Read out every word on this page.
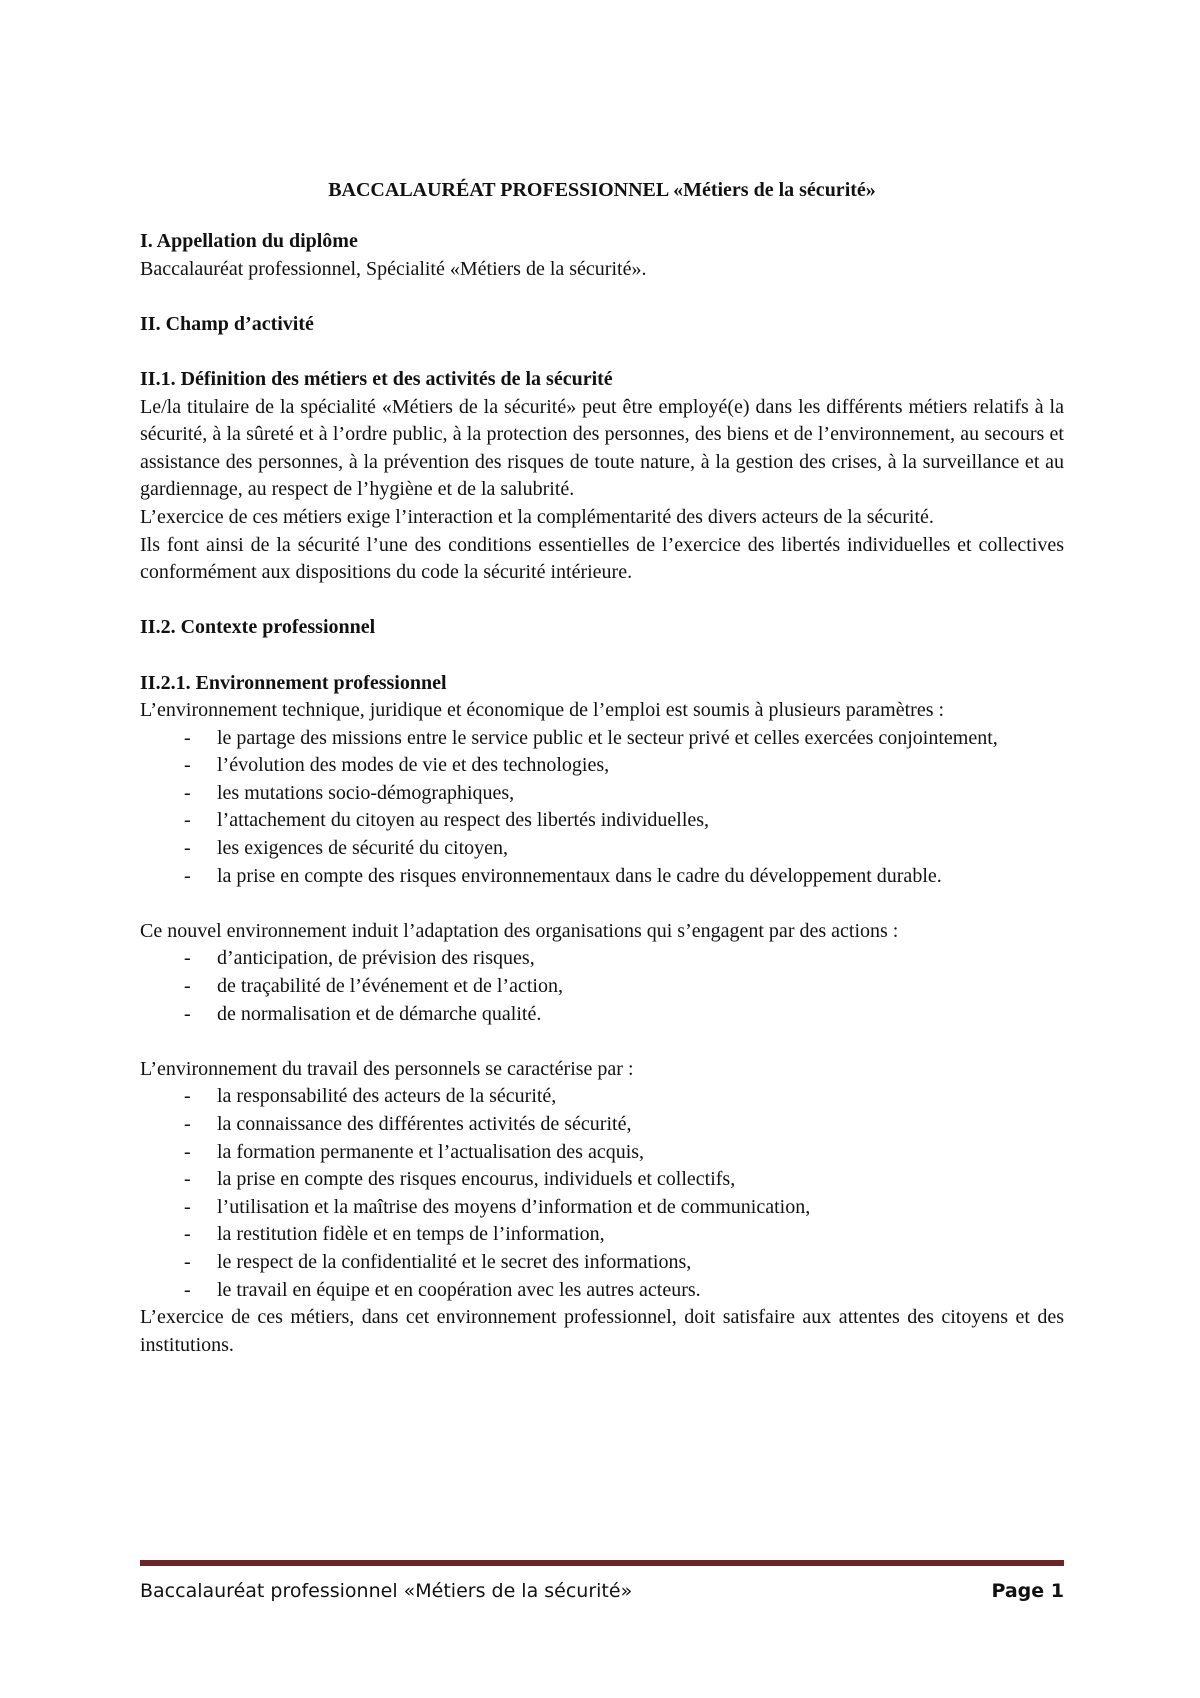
BACCALAURÉAT PROFESSIONNEL «Métiers de la sécurité»

I. Appellation du diplôme

Baccalauréat professionnel, Spécialité «Métiers de la sécurité».

II. Champ d’activité

II.1. Définition des métiers et des activités de la sécurité

Le/la titulaire de la spécialité «Métiers de la sécurité» peut être employé(e) dans les différents métiers relatifs à la sécurité, à la sûreté et à l’ordre public, à la protection des personnes, des biens et de l’environnement, au secours et assistance des personnes, à la prévention des risques de toute nature, à la gestion des crises, à la surveillance et au gardiennage, au respect de l’hygiène et de la salubrité.

L’exercice de ces métiers exige l’interaction et la complémentarité des divers acteurs de la sécurité.

Ils font ainsi de la sécurité l’une des conditions essentielles de l’exercice des libertés individuelles et collectives conformément aux dispositions du code la sécurité intérieure.

II.2. Contexte professionnel

II.2.1. Environnement professionnel

L’environnement technique, juridique et économique de l’emploi est soumis à plusieurs paramètres :

- le partage des missions entre le service public et le secteur privé et celles exercées conjointement,
- l’évolution des modes de vie et des technologies,
- les mutations socio-démographiques,
- l’attachement du citoyen au respect des libertés individuelles,
- les exigences de sécurité du citoyen,
- la prise en compte des risques environnementaux dans le cadre du développement durable.

Ce nouvel environnement induit l’adaptation des organisations qui s’engagent par des actions :

- d’anticipation, de prévision des risques,
- de traçabilité de l’événement et de l’action,
- de normalisation et de démarche qualité.

L’environnement du travail des personnels se caractérise par :

- la responsabilité des acteurs de la sécurité,
- la connaissance des différentes activités de sécurité,
- la formation permanente et l’actualisation des acquis,
- la prise en compte des risques encourus, individuels et collectifs,
- l’utilisation et la maîtrise des moyens d’information et de communication,
- la restitution fidèle et en temps de l’information,
- le respect de la confidentialité et le secret des informations,
- le travail en équipe et en coopération avec les autres acteurs.

L’exercice de ces métiers, dans cet environnement professionnel, doit satisfaire aux attentes des citoyens et des institutions.

Baccalauréat professionnel «Métiers de la sécurité»	Page 1
